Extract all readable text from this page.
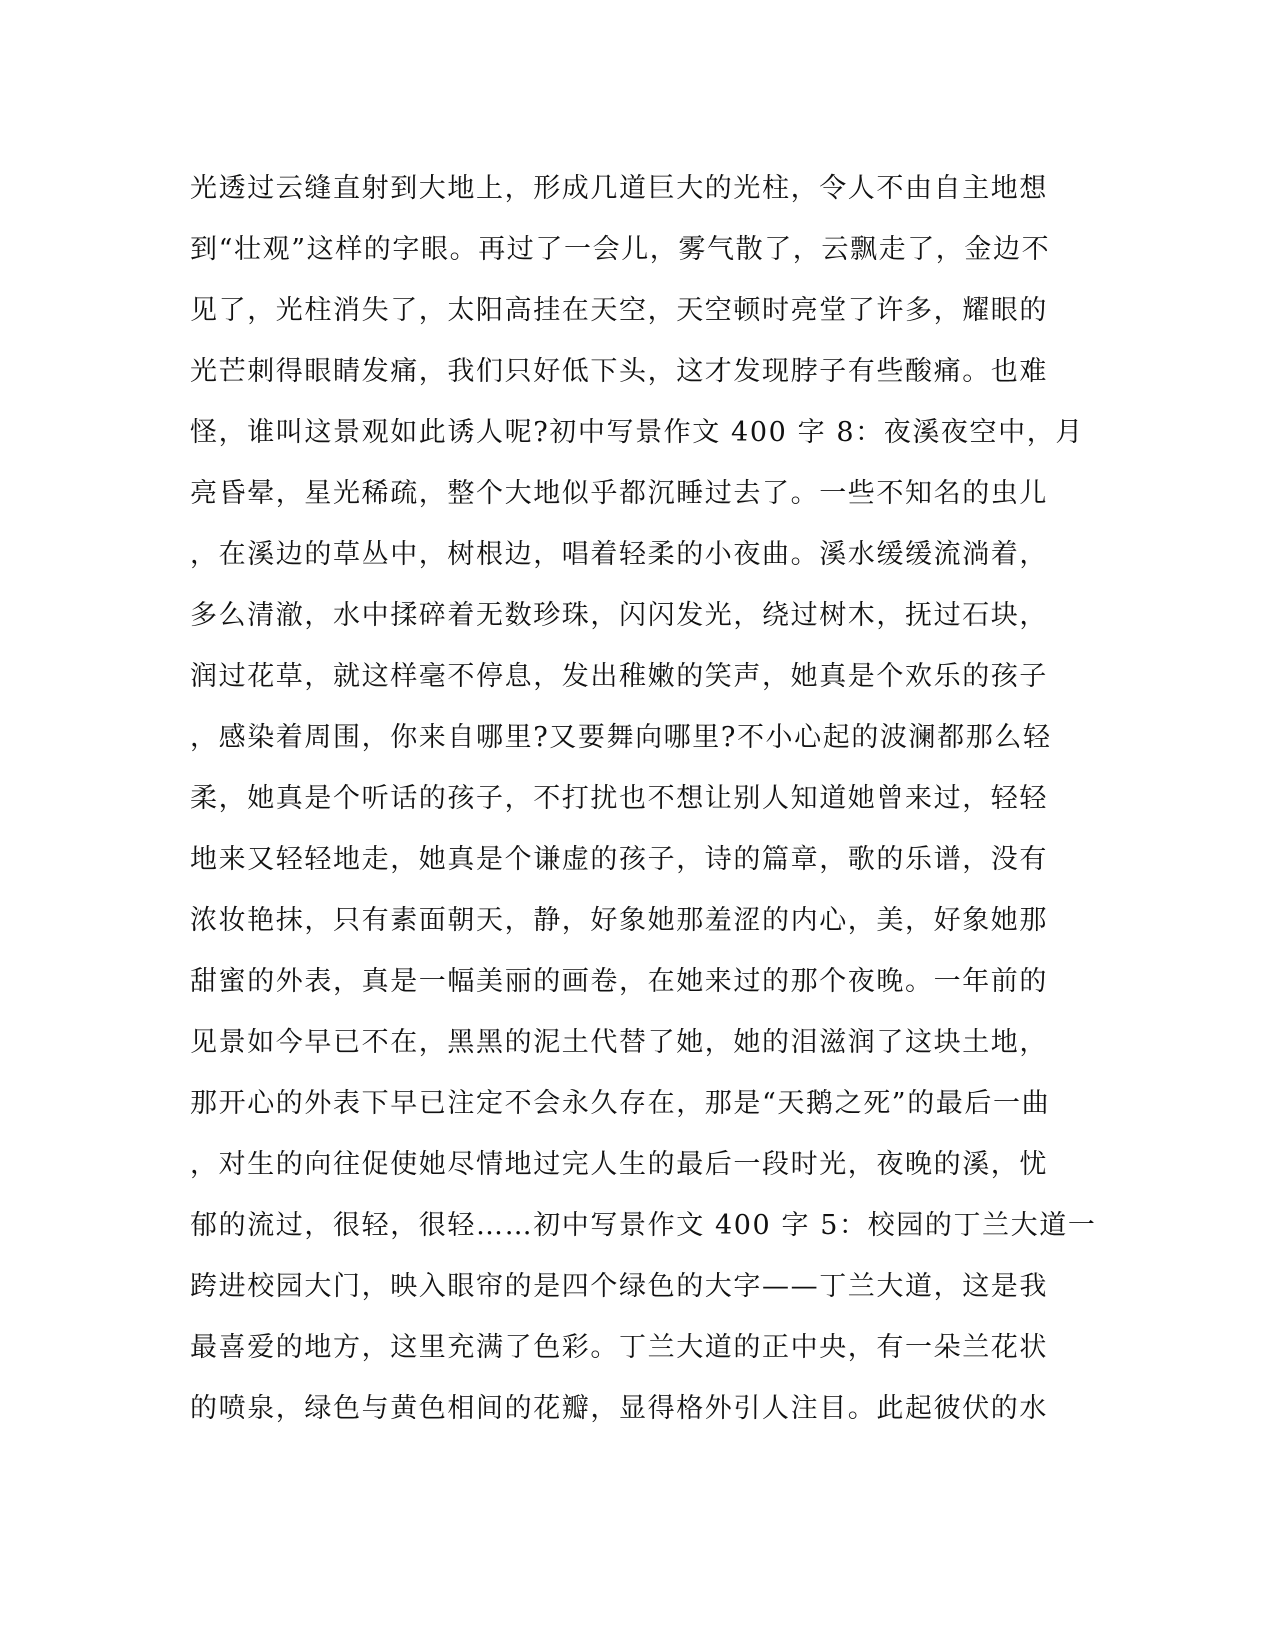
光透过云缝直射到大地上，形成几道巨大的光柱，令人不由自主地想
到“壮观”这样的字眼。再过了一会儿，雾气散了，云飘走了，金边不
见了，光柱消失了，太阳高挂在天空，天空顿时亮堂了许多，耀眼的
光芒刺得眼睛发痛，我们只好低下头，这才发现脖子有些酸痛。也难
怪，谁叫这景观如此诱人呢?初中写景作文 400 字 8：夜溪夜空中，月
亮昏晕，星光稀疏，整个大地似乎都沉睡过去了。一些不知名的虫儿
，在溪边的草丛中，树根边，唱着轻柔的小夜曲。溪水缓缓流淌着，
多么清澈，水中揉碎着无数珍珠，闪闪发光，绕过树木，抚过石块，
润过花草，就这样毫不停息，发出稚嫩的笑声，她真是个欢乐的孩子
，感染着周围，你来自哪里?又要舞向哪里?不小心起的波澜都那么轻
柔，她真是个听话的孩子，不打扰也不想让别人知道她曾来过，轻轻
地来又轻轻地走，她真是个谦虚的孩子，诗的篇章，歌的乐谱，没有
浓妆艳抹，只有素面朝天，静，好象她那羞涩的内心，美，好象她那
甜蜜的外表，真是一幅美丽的画卷，在她来过的那个夜晚。一年前的
见景如今早已不在，黑黑的泥土代替了她，她的泪滋润了这块土地，
那开心的外表下早已注定不会永久存在，那是“天鹅之死”的最后一曲
，对生的向往促使她尽情地过完人生的最后一段时光，夜晚的溪，忧
郁的流过，很轻，很轻……初中写景作文 400 字 5：校园的丁兰大道一
跨进校园大门，映入眼帘的是四个绿色的大字——丁兰大道，这是我
最喜爱的地方，这里充满了色彩。丁兰大道的正中央，有一朵兰花状
的喷泉，绿色与黄色相间的花瓣，显得格外引人注目。此起彼伏的水
